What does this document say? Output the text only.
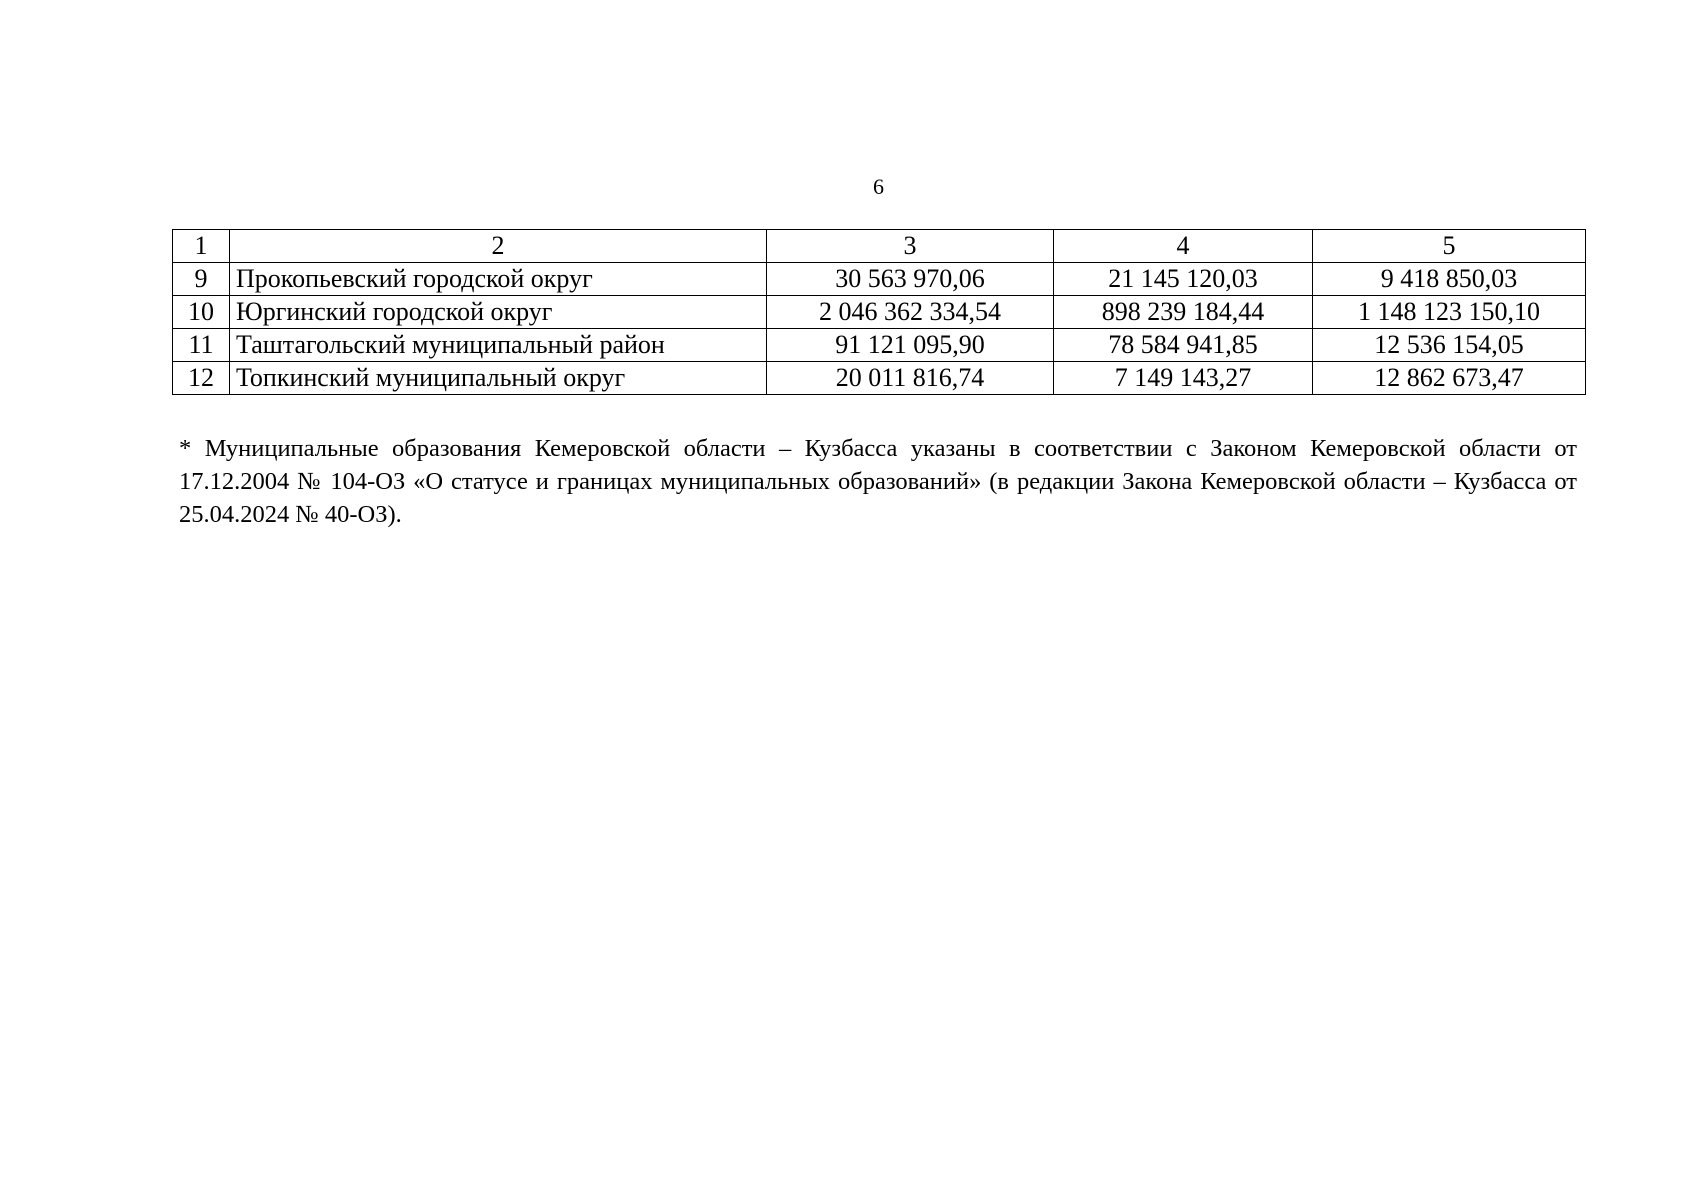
6
1	2	3	4	5
9	Прокопьевский городской округ	30 563 970,06	21 145 120,03	9 418 850,03
10	Юргинский городской округ	2 046 362 334,54	898 239 184,44	1 148 123 150,10
11	Таштагольский муниципальный район	91 121 095,90	78 584 941,85	12 536 154,05
12	Топкинский муниципальный округ	20 011 816,74	7 149 143,27	12 862 673,47
* Муниципальные образования Кемеровской области – Кузбасса указаны в соответствии с Законом Кемеровской области от 17.12.2004 № 104-ОЗ «О статусе и границах муниципальных образований» (в редакции Закона Кемеровской области – Кузбасса от 25.04.2024 № 40-ОЗ).
